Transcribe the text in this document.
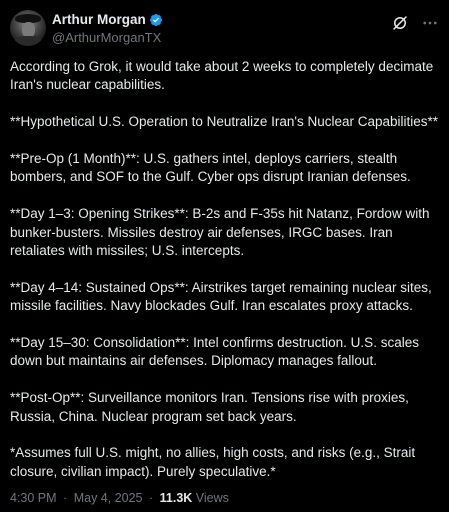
Arthur Morgan
@ArthurMorganTX

According to Grok, it would take about 2 weeks to completely decimate Iran's nuclear capabilities.

**Hypothetical U.S. Operation to Neutralize Iran's Nuclear Capabilities**

**Pre-Op (1 Month)**: U.S. gathers intel, deploys carriers, stealth bombers, and SOF to the Gulf. Cyber ops disrupt Iranian defenses.

**Day 1–3: Opening Strikes**: B-2s and F-35s hit Natanz, Fordow with bunker-busters. Missiles destroy air defenses, IRGC bases. Iran retaliates with missiles; U.S. intercepts.

**Day 4–14: Sustained Ops**: Airstrikes target remaining nuclear sites, missile facilities. Navy blockades Gulf. Iran escalates proxy attacks.

**Day 15–30: Consolidation**: Intel confirms destruction. U.S. scales down but maintains air defenses. Diplomacy manages fallout.

**Post-Op**: Surveillance monitors Iran. Tensions rise with proxies, Russia, China. Nuclear program set back years.

*Assumes full U.S. might, no allies, high costs, and risks (e.g., Strait closure, civilian impact). Purely speculative.*

4:30 PM · May 4, 2025 · 11.3K Views
